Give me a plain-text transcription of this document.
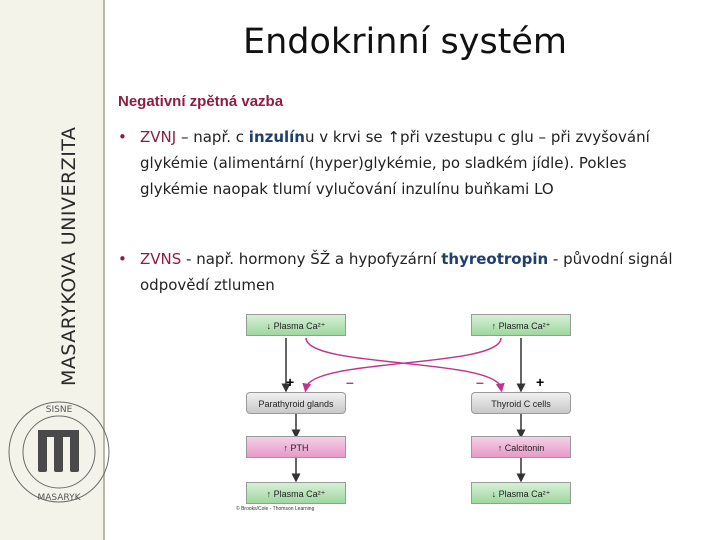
MASARYKOVA UNIVERZITA
SISNE
MASARYK
Endokrinní systém
Negativní zpětná vazba
• ZVNJ – např. c inzulínu v krvi se ↑při vzestupu c glu – při zvyšování glykémie (alimentární (hyper)glykémie, po sladkém jídle). Pokles glykémie naopak tlumí vylučování inzulínu buňkami LO
• ZVNS - např. hormony ŠŽ a hypofyzární thyreotropin - původní signál odpovědí ztlumen
↓ Plasma Ca²⁺	↑ Plasma Ca²⁺
+	–	–	+
Parathyroid glands	Thyroid C cells
↑ PTH	↑ Calcitonin
↑ Plasma Ca²⁺	↓ Plasma Ca²⁺
© Brooks/Cole - Thomson Learning
